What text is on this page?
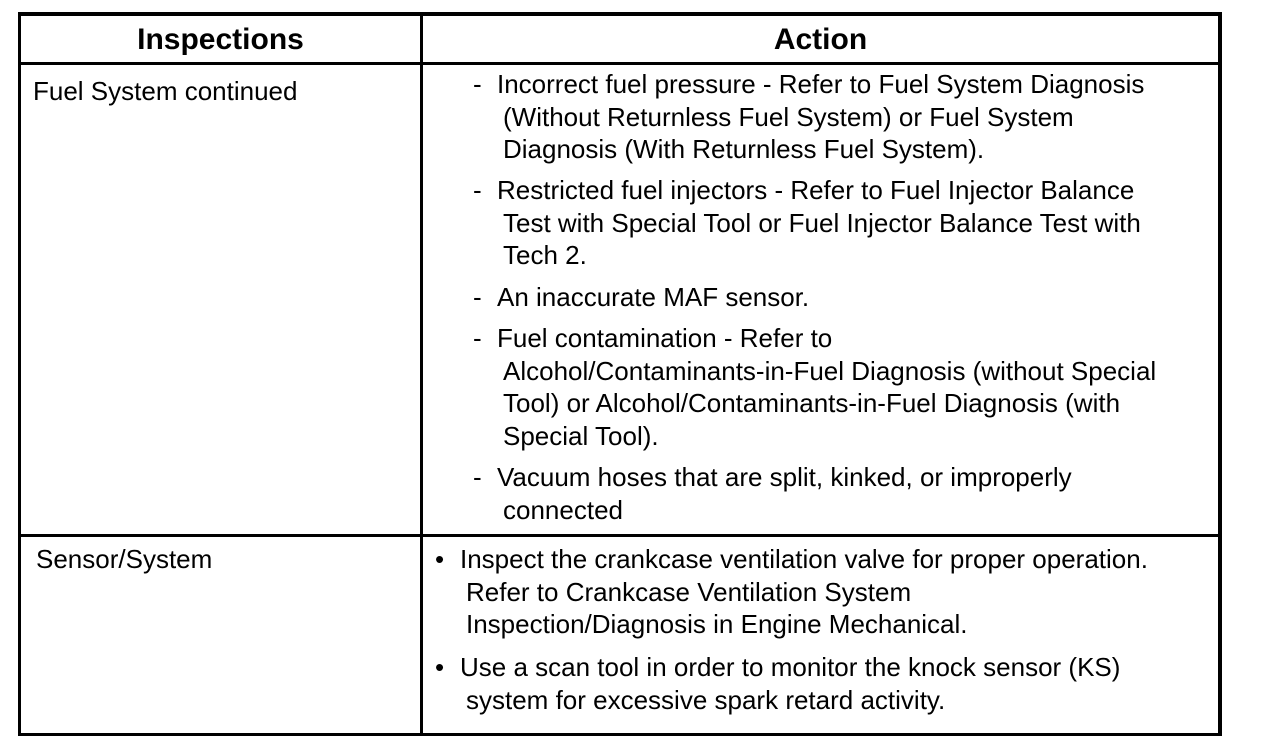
Inspections	Action
Fuel System continued	- Incorrect fuel pressure - Refer to Fuel System Diagnosis
(Without Returnless Fuel System) or Fuel System
Diagnosis (With Returnless Fuel System).
- Restricted fuel injectors - Refer to Fuel Injector Balance
Test with Special Tool or Fuel Injector Balance Test with
Tech 2.
- An inaccurate MAF sensor.
- Fuel contamination - Refer to
Alcohol/Contaminants-in-Fuel Diagnosis (without Special
Tool) or Alcohol/Contaminants-in-Fuel Diagnosis (with
Special Tool).
- Vacuum hoses that are split, kinked, or improperly
connected
Sensor/System	• Inspect the crankcase ventilation valve for proper operation.
Refer to Crankcase Ventilation System
Inspection/Diagnosis in Engine Mechanical.
• Use a scan tool in order to monitor the knock sensor (KS)
system for excessive spark retard activity.
